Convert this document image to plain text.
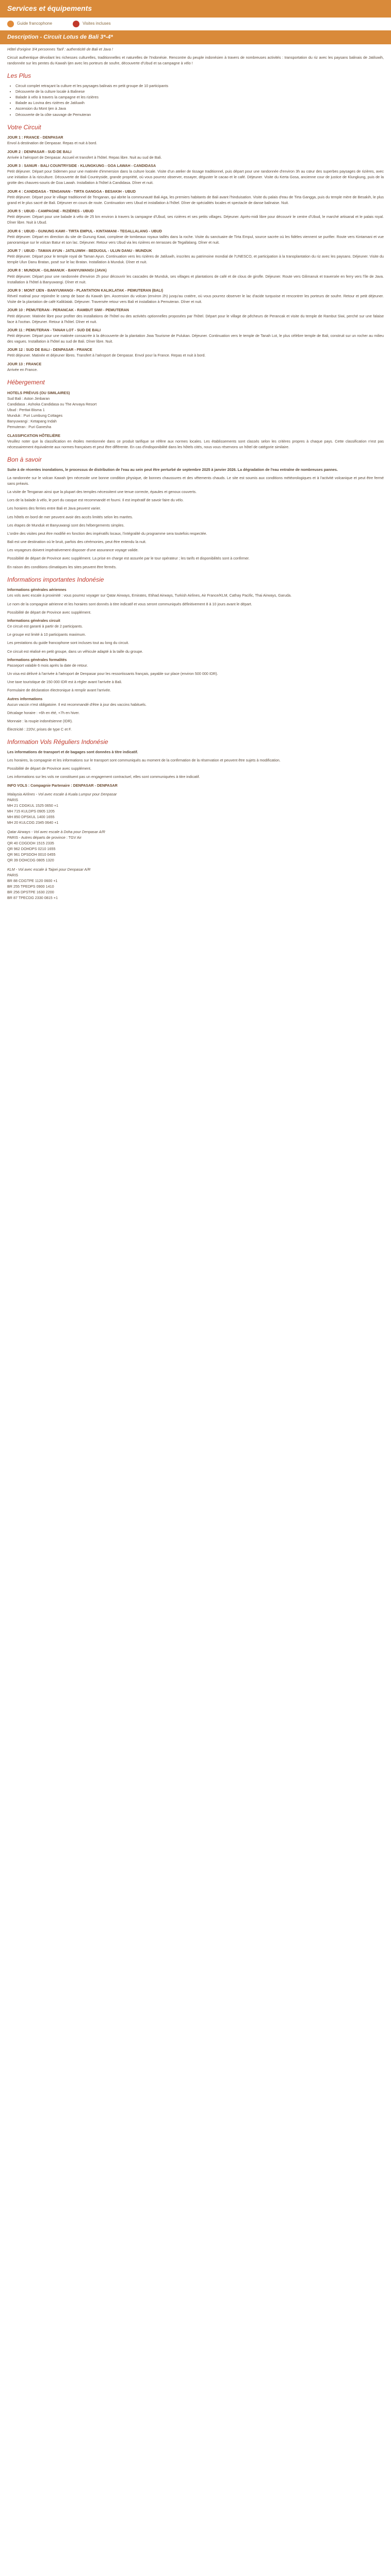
Services et équipements
Guide francophone	Visites incluses
Description - Circuit Lotus de Bali 3*-4*

Hôtel d'origine 3/4 personnes Tarif : authenticité de Bali et Java !

Circuit authentique dévoilant les richesses culturelles, traditionnelles et naturelles de l'Indonésie. Rencontre du peuple indonésien à travers de nombreuses activités : transportation du riz avec les paysans balinais de Jatiluwih, randonnée sur les pentes du Kawah Ijen avec les porteurs de soufre, découverte d'Ubud et sa campagne à vélo !

Les Plus
• Circuit complet retraçant la culture et les paysages balinais en petit groupe de 10 participants
• Découverte de la culture locale à Balinese
• Balade à vélo à travers la campagne et les rizières
• Balade au Lovina des rizières de Jatiluwih
• Ascension du Mont Ijen à Java
• Découverte de la côte sauvage de Pemuteran
Votre Circuit
JOUR 1 : FRANCE - DENPASAR

Envol à destination de Denpasar. Repas et nuit à bord.

JOUR 2 : DENPASAR - SUD DE BALI

Arrivée à l'aéroport de Denpasar. Accueil et transfert à l'hôtel. Repas libre. Nuit au sud de Bali.

JOUR 3 : SANUR - BALI COUNTRYSIDE - KLUNGKUNG - GOA LAWAH - CANDIDASA

Petit déjeuner. Départ pour Sidemen pour une matinée d'immersion dans la culture locale. Visite d'un atelier de tissage traditionnel, puis départ pour une randonnée d'environ 3h au cœur des superbes paysages de rizières, avec une initiation à la riziculture. Découverte de Bali Countryside, grande propriété, où vous pourrez observer, essayer, déguster le cacao et le café. Déjeuner. Visite du Kerta Gosa, ancienne cour de justice de Klungkung, puis de la grotte des chauves-souris de Goa Lawah. Installation à l'hôtel à Candidasa. Dîner et nuit.

JOUR 4 : CANDIDASA - TENGANAN - TIRTA GANGGA - BESAKIH - UBUD

Petit déjeuner. Départ pour le village traditionnel de Tenganan, qui abrite la communauté Bali Aga, les premiers habitants de Bali avant l'hinduisation. Visite du palais d'eau de Tirta Gangga, puis du temple mère de Besakih, le plus grand et le plus sacré de Bali. Déjeuner en cours de route. Continuation vers Ubud et installation à l'hôtel. Dîner de spécialités locales et spectacle de danse balinaise. Nuit.

JOUR 5 : UBUD - CAMPAGNE - RIZIÈRES - UBUD

Petit déjeuner. Départ pour une balade à vélo de 25 km environ à travers la campagne d'Ubud, ses rizières et ses petits villages. Déjeuner. Après-midi libre pour découvrir le centre d'Ubud, le marché artisanal et le palais royal. Dîner libre. Nuit à Ubud.

JOUR 6 : UBUD - GUNUNG KAWI - TIRTA EMPUL - KINTAMANI - TEGALLALANG - UBUD

Petit déjeuner. Départ en direction du site de Gunung Kawi, complexe de tombeaux royaux taillés dans la roche. Visite du sanctuaire de Tirta Empul, source sacrée où les fidèles viennent se purifier. Route vers Kintamani et vue panoramique sur le volcan Batur et son lac. Déjeuner. Retour vers Ubud via les rizières en terrasses de Tegallalang. Dîner et nuit.

JOUR 7 : UBUD - TAMAN AYUN - JATILUWIH - BEDUGUL - ULUN DANU - MUNDUK

Petit déjeuner. Départ pour le temple royal de Taman Ayun. Continuation vers les rizières de Jatiluwih, inscrites au patrimoine mondial de l'UNESCO, et participation à la transplantation du riz avec les paysans. Déjeuner. Visite du temple Ulun Danu Bratan, posé sur le lac Bratan. Installation à Munduk. Dîner et nuit.

JOUR 8 : MUNDUK - GILIMANUK - BANYUWANGI (JAVA)

Petit déjeuner. Départ pour une randonnée d'environ 2h pour découvrir les cascades de Munduk, ses villages et plantations de café et de clous de girofle. Déjeuner. Route vers Gilimanuk et traversée en ferry vers l'île de Java. Installation à l'hôtel à Banyuwangi. Dîner et nuit.

JOUR 9 : MONT IJEN - BANYUWANGI - PLANTATION KALIKLATAK - PEMUTERAN (BALI)

Réveil matinal pour rejoindre le camp de base du Kawah Ijen. Ascension du volcan (environ 2h) jusqu'au cratère, où vous pourrez observer le lac d'acide turquoise et rencontrer les porteurs de soufre. Retour et petit déjeuner. Visite de la plantation de café Kaliklatak. Déjeuner. Traversée retour vers Bali et installation à Pemuteran. Dîner et nuit.

JOUR 10 : PEMUTERAN - PERANCAK - RAMBUT SIWI - PEMUTERAN

Petit déjeuner. Matinée libre pour profiter des installations de l'hôtel ou des activités optionnelles proposées par l'hôtel. Départ pour le village de pêcheurs de Perancak et visite du temple de Rambut Siwi, perché sur une falaise face à l'océan. Déjeuner. Retour à l'hôtel. Dîner et nuit.

JOUR 11 : PEMUTERAN - TANAH LOT - SUD DE BALI

Petit déjeuner. Départ pour une matinée consacrée à la découverte de la plantation Jiwa Tourisme de Pulukan. Déjeuner. Continuation vers le temple de Tanah Lot, le plus célèbre temple de Bali, construit sur un rocher au milieu des vagues. Installation à l'hôtel au sud de Bali. Dîner libre. Nuit.

JOUR 12 : SUD DE BALI - DENPASAR - FRANCE

Petit déjeuner. Matinée et déjeuner libres. Transfert à l'aéroport de Denpasar. Envol pour la France. Repas et nuit à bord.

JOUR 13 : FRANCE

Arrivée en France.

Hébergement
HOTELS PRÉVUS (OU SIMILAIRES)
Sud Bali : Aston Jimbaran
Candidasa : Ashoka Candidasa ou The Anvaya Resort
Ubud : Pertiwi Bisma 1
Munduk : Puri Lumbung Cottages
Banyuwangi : Ketapang Indah
Pemuteran : Puri Ganesha
CLASSIFICATION HÔTELIÈRE

Veuillez noter que la classification en étoiles mentionnée dans ce produit tarifique se réfère aux normes locales. Les établissements sont classés selon les critères propres à chaque pays. Cette classification n'est pas nécessairement équivalente aux normes françaises et peut être différente. En cas d'indisponibilité dans les hôtels cités, nous vous réservons un hôtel de catégorie similaire.

Bon à savoir

Suite à de récentes inondations, le processus de distribution de l'eau au sein peut être perturbé de septembre 2025 à janvier 2026. La dégradation de l'eau entraîne de nombreuses pannes.

La randonnée sur le volcan Kawah Ijen nécessite une bonne condition physique, de bonnes chaussures et des vêtements chauds. Le site est soumis aux conditions météorologiques et à l'activité volcanique et peut être fermé sans préavis.

La visite de Tenganan ainsi que la plupart des temples nécessitent une tenue correcte, épaules et genoux couverts.

Lors de la balade à vélo, le port du casque est recommandé et fourni. Il est impératif de savoir faire du vélo.

Les horaires des ferries entre Bali et Java peuvent varier.

Les hôtels en bord de mer peuvent avoir des accès limités selon les marées.

Les étapes de Munduk et Banyuwangi sont des hébergements simples.

L'ordre des visites peut être modifié en fonction des impératifs locaux, l'intégralité du programme sera toutefois respectée.

Bali est une destination où le bruit, parfois des cérémonies, peut être entendu la nuit.

Les voyageurs doivent impérativement disposer d'une assurance voyage valide.

Possibilité de départ de Province avec supplément. La prise en charge est assurée par le tour opérateur ; les tarifs et disponibilités sont à confirmer.

En raison des conditions climatiques les sites peuvent être fermés.

Informations importantes Indonésie
Informations générales aériennes

Les vols avec escale à proximité : vous pourrez voyager sur Qatar Airways, Emirates, Etihad Airways, Turkish Airlines, Air France/KLM, Cathay Pacific, Thai Airways, Garuda.

Le nom de la compagnie aérienne et les horaires sont donnés à titre indicatif et vous seront communiqués définitivement 8 à 10 jours avant le départ.

Possibilité de départ de Province avec supplément.

Informations générales circuit

Ce circuit est garanti à partir de 2 participants.

Le groupe est limité à 10 participants maximum.

Les prestations du guide francophone sont incluses tout au long du circuit.

Ce circuit est réalisé en petit groupe, dans un véhicule adapté à la taille du groupe.

Informations générales formalités

Passeport valable 6 mois après la date de retour.

Un visa est délivré à l'arrivée à l'aéroport de Denpasar pour les ressortissants français, payable sur place (environ 500 000 IDR).

Une taxe touristique de 150 000 IDR est à régler avant l'arrivée à Bali.

Formulaire de déclaration électronique à remplir avant l'arrivée.

Autres informations

Aucun vaccin n'est obligatoire. Il est recommandé d'être à jour des vaccins habituels.

Décalage horaire : +6h en été, +7h en hiver.

Monnaie : la roupie indonésienne (IDR).

Électricité : 220V, prises de type C et F.

Information Vols Réguliers Indonésie

Les informations de transport et de bagages sont données à titre indicatif.

Les horaires, la compagnie et les informations sur le transport sont communiqués au moment de la confirmation de la réservation et peuvent être sujets à modification.

Possibilité de départ de Province avec supplément.

Les informations sur les vols ne constituent pas un engagement contractuel, elles sont communiquées à titre indicatif.

INFO VOLS : Compagnie Partenaire : DENPASAR - DENPASAR
Malaysia Airlines - Vol avec escale à Kuala Lumpur pour Denpasar
PARIS
MH 21 CDGKUL 1525 0650 +1
MH 715 KULDPS 0905 1205
MH 850 DPSKUL 1400 1655
MH 20 KULCDG 2345 0640 +1
Qatar Airways - Vol avec escale à Doha pour Denpasar A/R
PARIS - Autres départs de province : TGV Air
QR 40 CDGDOH 1515 2335
QR 962 DOHDPS 0210 1655
QR 961 DPSDOH 0010 0455
QR 39 DOHCDG 0805 1320
KLM - Vol avec escale à Taipei pour Denpasar A/R
PARIS
BR 88 CDGTPE 1120 0600 +1
BR 255 TPEDPS 0900 1410
BR 256 DPSTPE 1630 2200
BR 87 TPECDG 2330 0815 +1
